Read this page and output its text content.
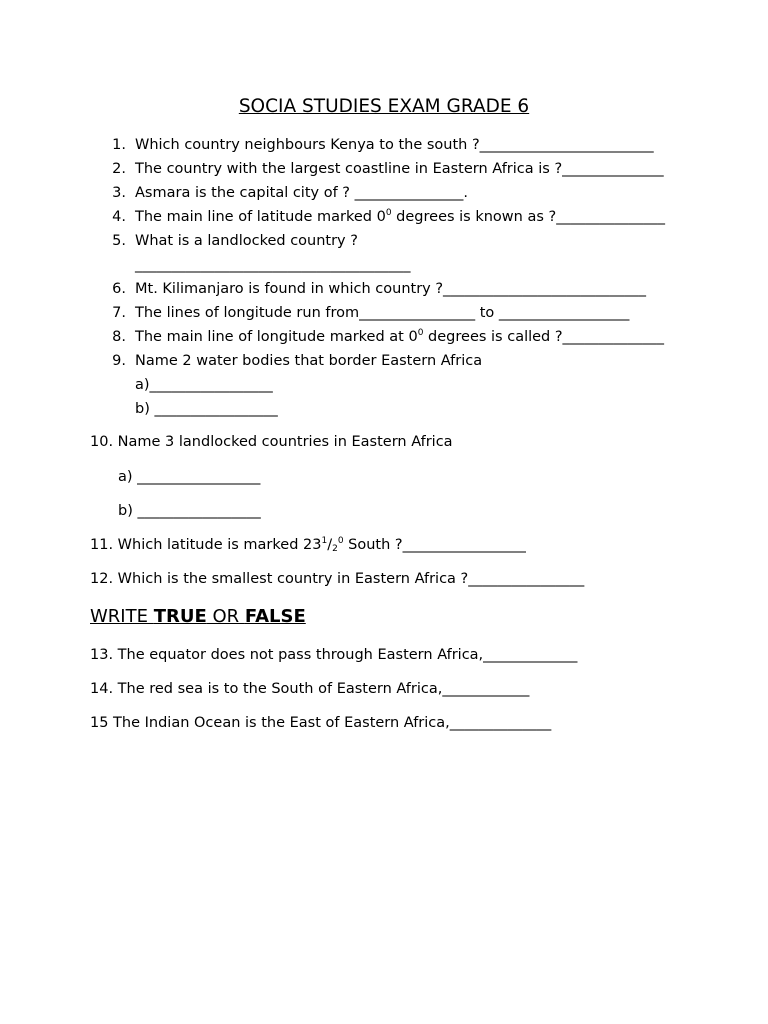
SOCIA STUDIES EXAM GRADE 6
1. Which country neighbours Kenya to the south ?________________________
2. The country with the largest coastline in Eastern Africa is ?______________
3. Asmara is the capital city of ? _______________.
4. The main line of latitude marked $0^0$ degrees is known as ?_______________
5. What is a landlocked country ?
______________________________________
6. Mt. Kilimanjaro is found in which country ?____________________________
7. The lines of longitude run from________________ to __________________
8. The main line of longitude marked at $0^0$ degrees is called ?______________
9. Name 2 water bodies that border Eastern Africa
a)_________________
b) _________________
10. Name 3 landlocked countries in Eastern Africa
a) _________________
b) _________________
11. Which latitude is marked $23^1/_2^0$ South ?_________________
12. Which is the smallest country in Eastern Africa ?________________
WRITE TRUE OR FALSE
13. The equator does not pass through Eastern Africa,_____________
14. The red sea is to the South of Eastern Africa,____________
15 The Indian Ocean is the East of Eastern Africa,______________
